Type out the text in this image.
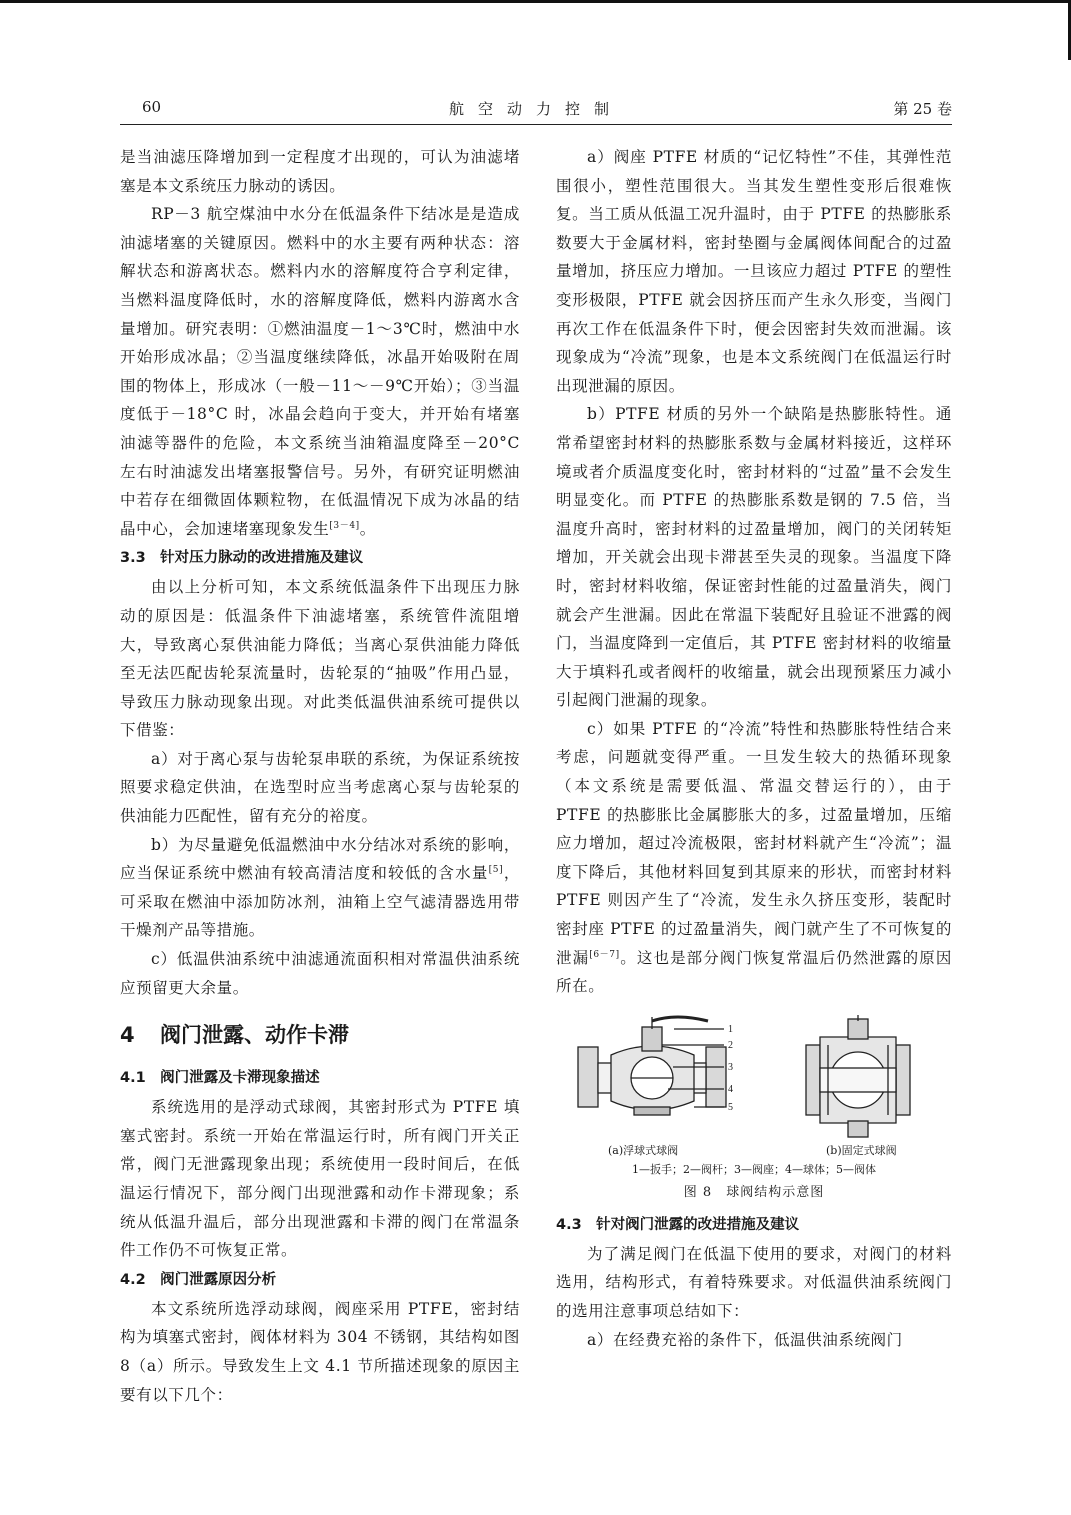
60	航空动力控制	第 25 卷

是当油滤压降增加到一定程度才出现的，可认为油滤堵塞是本文系统压力脉动的诱因。

RP－3 航空煤油中水分在低温条件下结冰是是造成油滤堵塞的关键原因。燃料中的水主要有两种状态：溶解状态和游离状态。燃料内水的溶解度符合亨利定律，当燃料温度降低时，水的溶解度降低，燃料内游离水含量增加。研究表明：①燃油温度－1～3℃时，燃油中水开始形成冰晶；②当温度继续降低，冰晶开始吸附在周围的物体上，形成冰（一般－11～－9℃开始）；③当温度低于－18°C 时，冰晶会趋向于变大，并开始有堵塞油滤等器件的危险，本文系统当油箱温度降至－20°C 左右时油滤发出堵塞报警信号。另外，有研究证明燃油中若存在细微固体颗粒物，在低温情况下成为冰晶的结晶中心，会加速堵塞现象发生[3－4]。

3.3　针对压力脉动的改进措施及建议

由以上分析可知，本文系统低温条件下出现压力脉动的原因是：低温条件下油滤堵塞，系统管件流阻增大，导致离心泵供油能力降低；当离心泵供油能力降低至无法匹配齿轮泵流量时，齿轮泵的“抽吸”作用凸显，导致压力脉动现象出现。对此类低温供油系统可提供以下借鉴：

a）对于离心泵与齿轮泵串联的系统，为保证系统按照要求稳定供油，在选型时应当考虑离心泵与齿轮泵的供油能力匹配性，留有充分的裕度。

b）为尽量避免低温燃油中水分结冰对系统的影响，应当保证系统中燃油有较高清洁度和较低的含水量[5]，可采取在燃油中添加防冰剂，油箱上空气滤清器选用带干燥剂产品等措施。

c）低温供油系统中油滤通流面积相对常温供油系统应预留更大余量。

4 阀门泄露、动作卡滞
4.1　阀门泄露及卡滞现象描述

系统选用的是浮动式球阀，其密封形式为 PTFE 填塞式密封。系统一开始在常温运行时，所有阀门开关正常，阀门无泄露现象出现；系统使用一段时间后，在低温运行情况下，部分阀门出现泄露和动作卡滞现象；系统从低温升温后，部分出现泄露和卡滞的阀门在常温条件工作仍不可恢复正常。

4.2　阀门泄露原因分析

本文系统所选浮动球阀，阀座采用 PTFE，密封结构为填塞式密封，阀体材料为 304 不锈钢，其结构如图 8（a）所示。导致发生上文 4.1 节所描述现象的原因主要有以下几个：

a）阀座 PTFE 材质的“记忆特性”不佳，其弹性范围很小，塑性范围很大。当其发生塑性变形后很难恢复。当工质从低温工况升温时，由于 PTFE 的热膨胀系数要大于金属材料，密封垫圈与金属阀体间配合的过盈量增加，挤压应力增加。一旦该应力超过 PTFE 的塑性变形极限，PTFE 就会因挤压而产生永久形变，当阀门再次工作在低温条件下时，便会因密封失效而泄漏。该现象成为“冷流”现象，也是本文系统阀门在低温运行时出现泄漏的原因。

b）PTFE 材质的另外一个缺陷是热膨胀特性。通常希望密封材料的热膨胀系数与金属材料接近，这样环境或者介质温度变化时，密封材料的“过盈”量不会发生明显变化。而 PTFE 的热膨胀系数是钢的 7.5 倍，当温度升高时，密封材料的过盈量增加，阀门的关闭转矩增加，开关就会出现卡滞甚至失灵的现象。当温度下降时，密封材料收缩，保证密封性能的过盈量消失，阀门就会产生泄漏。因此在常温下装配好且验证不泄露的阀门，当温度降到一定值后，其 PTFE 密封材料的收缩量大于填料孔或者阀杆的收缩量，就会出现预紧压力减小引起阀门泄漏的现象。

c）如果 PTFE 的“冷流”特性和热膨胀特性结合来考虑，问题就变得严重。一旦发生较大的热循环现象（本文系统是需要低温、常温交替运行的），由于 PTFE 的热膨胀比金属膨胀大的多，过盈量增加，压缩应力增加，超过冷流极限，密封材料就产生“冷流”；温度下降后，其他材料回复到其原来的形状，而密封材料 PTFE 则因产生了“冷流，发生永久挤压变形，装配时密封座 PTFE 的过盈量消失，阀门就产生了不可恢复的泄漏[6－7]。这也是部分阀门恢复常温后仍然泄露的原因所在。

1
2
3
4
5
(a)浮球式球阀	(b)固定式球阀
1—扳手；2—阀杆；3—阀座；4—球体；5—阀体
图 8　球阀结构示意图
4.3　针对阀门泄露的改进措施及建议

为了满足阀门在低温下使用的要求，对阀门的材料选用，结构形式，有着特殊要求。对低温供油系统阀门的选用注意事项总结如下：

a）在经费充裕的条件下，低温供油系统阀门
